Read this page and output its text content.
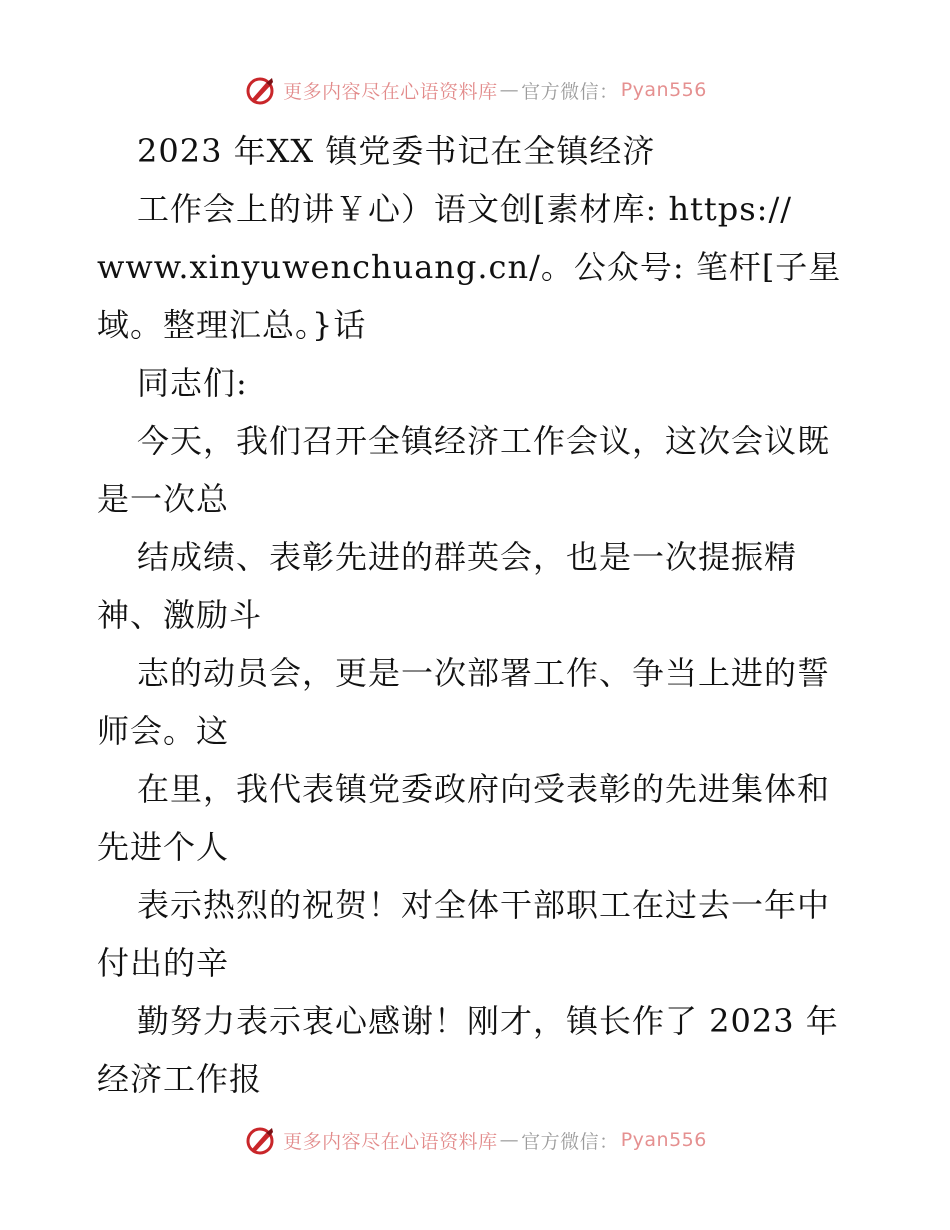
更多内容尽在心语资料库 — 官方微信： Pyan556
2023 年XX 镇党委书记在全镇经济
工作会上的讲￥心）语文创[素材库: https://
www.xinyuwenchuang.cn/。公众号: 笔杆[子星
域。整理汇总。}话
同志们:
今天，我们召开全镇经济工作会议，这次会议既
是一次总
结成绩、表彰先进的群英会，也是一次提振精
神、激励斗
志的动员会，更是一次部署工作、争当上进的誓
师会。这
在里，我代表镇党委政府向受表彰的先进集体和
先进个人
表示热烈的祝贺！对全体干部职工在过去一年中
付出的辛
勤努力表示衷心感谢！刚才，镇长作了 2023 年
经济工作报
更多内容尽在心语资料库 — 官方微信： Pyan556
